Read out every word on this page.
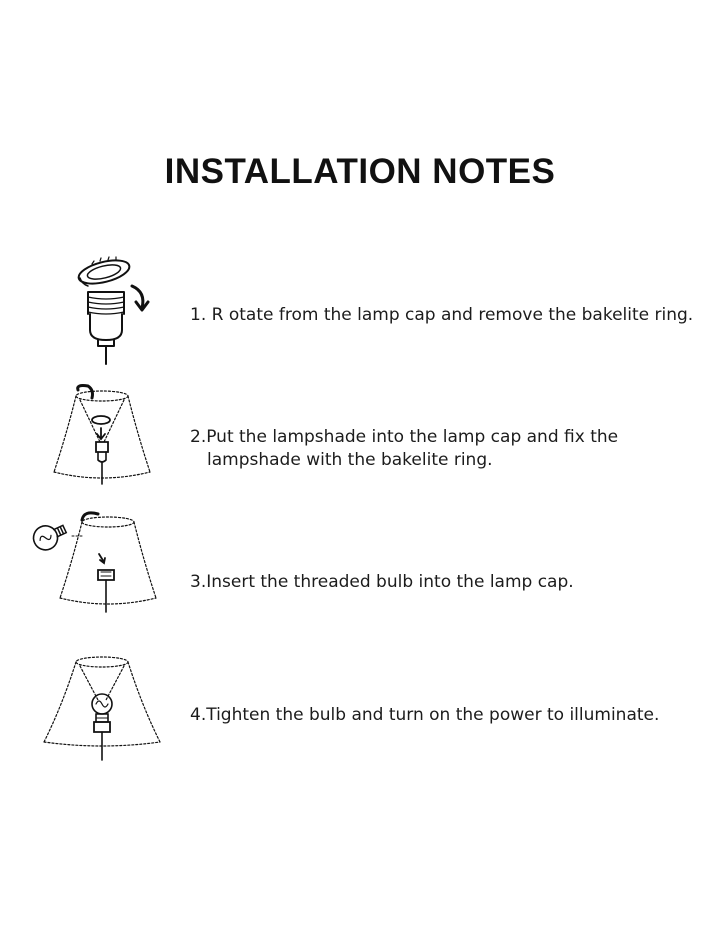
INSTALLATION NOTES
1. R otate from the lamp cap and remove the bakelite ring.
2.Put the lampshade into the lamp cap and fix the
lampshade with the bakelite ring.
3.Insert the threaded bulb into the lamp cap.
4.Tighten the bulb and turn on the power to illuminate.
